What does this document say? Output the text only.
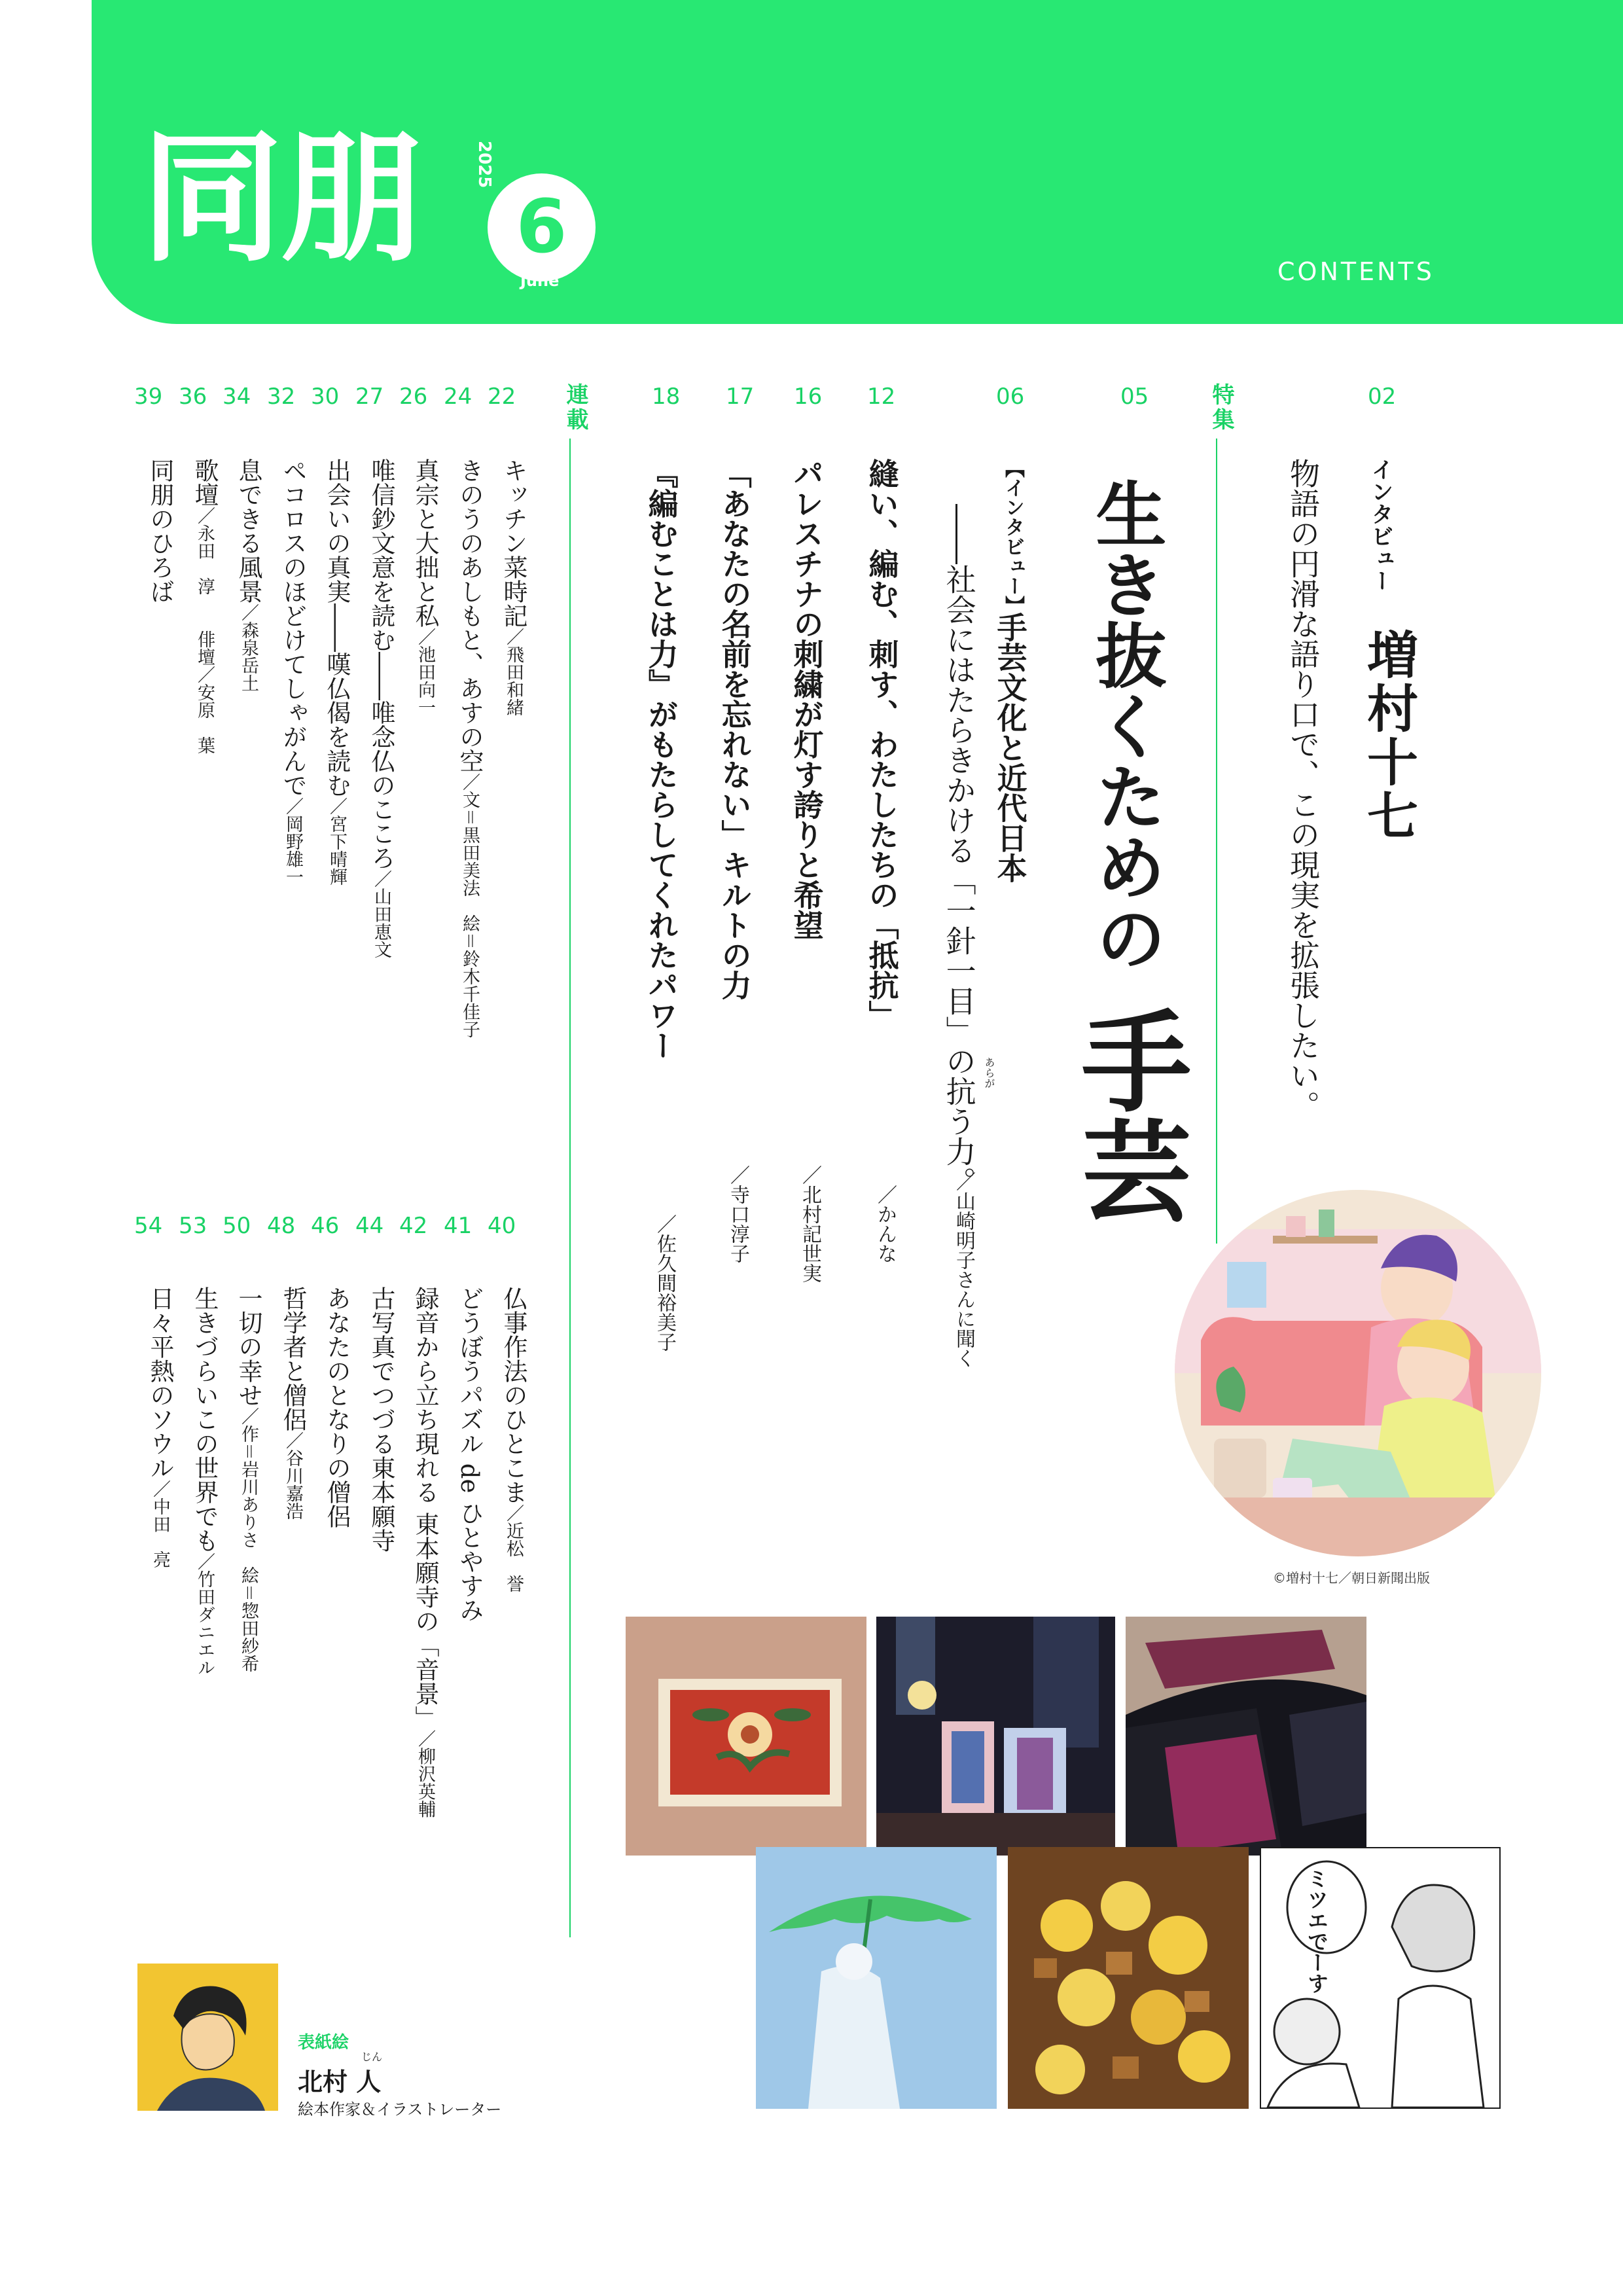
同朋	2025
6
June	CONTENTS
02
特集
05
06
12
16
17
18
連載
インタビュー
増村十七
物語の円滑な語り口で、この現実を拡張したい。
生き抜くための
手芸
【インタビュー】
手芸文化と近代日本
――社会にはたらきかける「一針一目」の抗う力。 あらが
／山崎明子さんに聞く
縫い、編む、刺す、わたしたちの「抵抗」
／かんな
パレスチナの刺繍が灯す誇りと希望
／北村記世実
「あなたの名前を忘れない」キルトの力
／寺口淳子
『編むことは力』がもたらしてくれたパワー
／佐久間裕美子
22
キッチン菜時記／飛田和緒
24
きのうのあしもと、あすの空／文＝黒田美法　絵＝鈴木千佳子
26
真宗と大拙と私／池田向一
27
唯信鈔文意を読む――唯念仏のこころ／山田恵文
30
出会いの真実――嘆仏偈を読む／宮下晴輝
32
ペコロスのほどけてしゃがんで／岡野雄一
34
息できる風景／森泉岳土
36
歌壇／永田　淳　　俳壇／安原　葉
39
同朋のひろば
40
仏事作法のひとこま／近松　誉
41
どうぼうパズル de ひとやすみ
42
録音から立ち現れる 東本願寺の「音景」／柳沢英輔
44
古写真でつづる東本願寺
46
あなたのとなりの僧侶
48
哲学者と僧侶／谷川嘉浩
50
一切の幸せ／作＝岩川ありさ　絵＝惣田紗希
53
生きづらいこの世界でも／竹田ダニエル
54
日々平熱のソウル／中田　亮
©増村十七／朝日新聞出版
ミツエでーす
表紙絵
じん
北村 人
絵本作家＆イラストレーター
